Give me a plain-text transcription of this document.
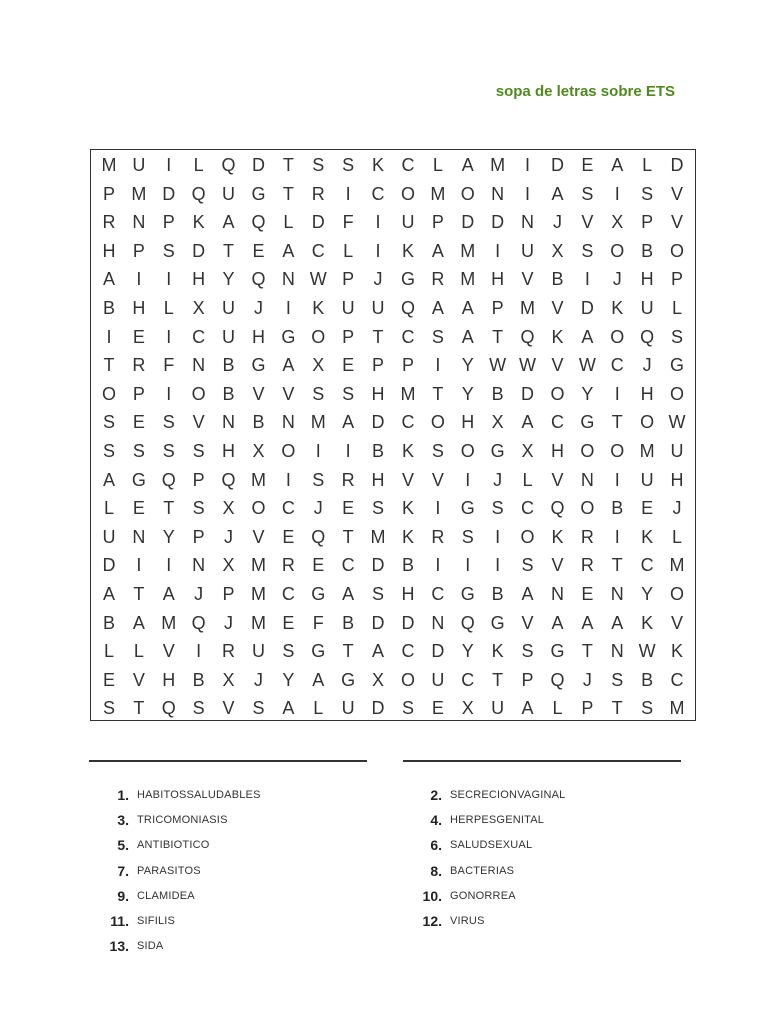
sopa de letras sobre ETS
M U	I	L Q D T	S S K C	L	A M	I	D E A	L	D
P M D Q U G T R	I	C O M O N	I	A S	I	S V
R N P K A Q L	D F	I	U P D D N	J	V X P V
H P S D T	E A C	L	I	K A M	I	U X S O B O
A	I	I	H Y Q N W P	J	G R M H V B	I	J	H P
B H	L	X U	J	I	K U U Q A A P M V D K U	L
I	E	I	C U H G O P	T C S A	T Q K A O Q S
T R F N B G A X E P P	I	Y W W V W C	J	G
O P	I	O B V V S S H M T	Y B D O Y	I	H O
S E S V N B N M A D C O H X A C G T O W
S S S S H X O	I	I	B K S O G X H O O M U
A G Q P Q M	I	S R H V V	I	J	L	V N	I	U H
L	E	T	S X O C	J	E S K	I	G S C Q O B E	J
U N Y P	J	V E Q T M K R S	I	O K R	I	K	L
D	I	I	N X M R E C D B	I	I	I	S V R T C M
A	T	A	J	P M C G A S H C G B A N E N Y O
B A M Q	J M E	F	B D D N Q G V A A A K V
L	L	V	I	R U S G T	A C D Y K S G T N W K
E V H B X	J	Y A G X O U C T	P Q	J	S B C
S	T Q S V S A	L	U D S E X U A	L	P	T	S M
1. HABITOSSALUDABLES	2. SECRECIONVAGINAL
3. TRICOMONIASIS	4. HERPESGENITAL
5. ANTIBIOTICO	6. SALUDSEXUAL
7. PARASITOS	8. BACTERIAS
9. CLAMIDEA	10. GONORREA
11. SIFILIS	12. VIRUS
13. SIDA
